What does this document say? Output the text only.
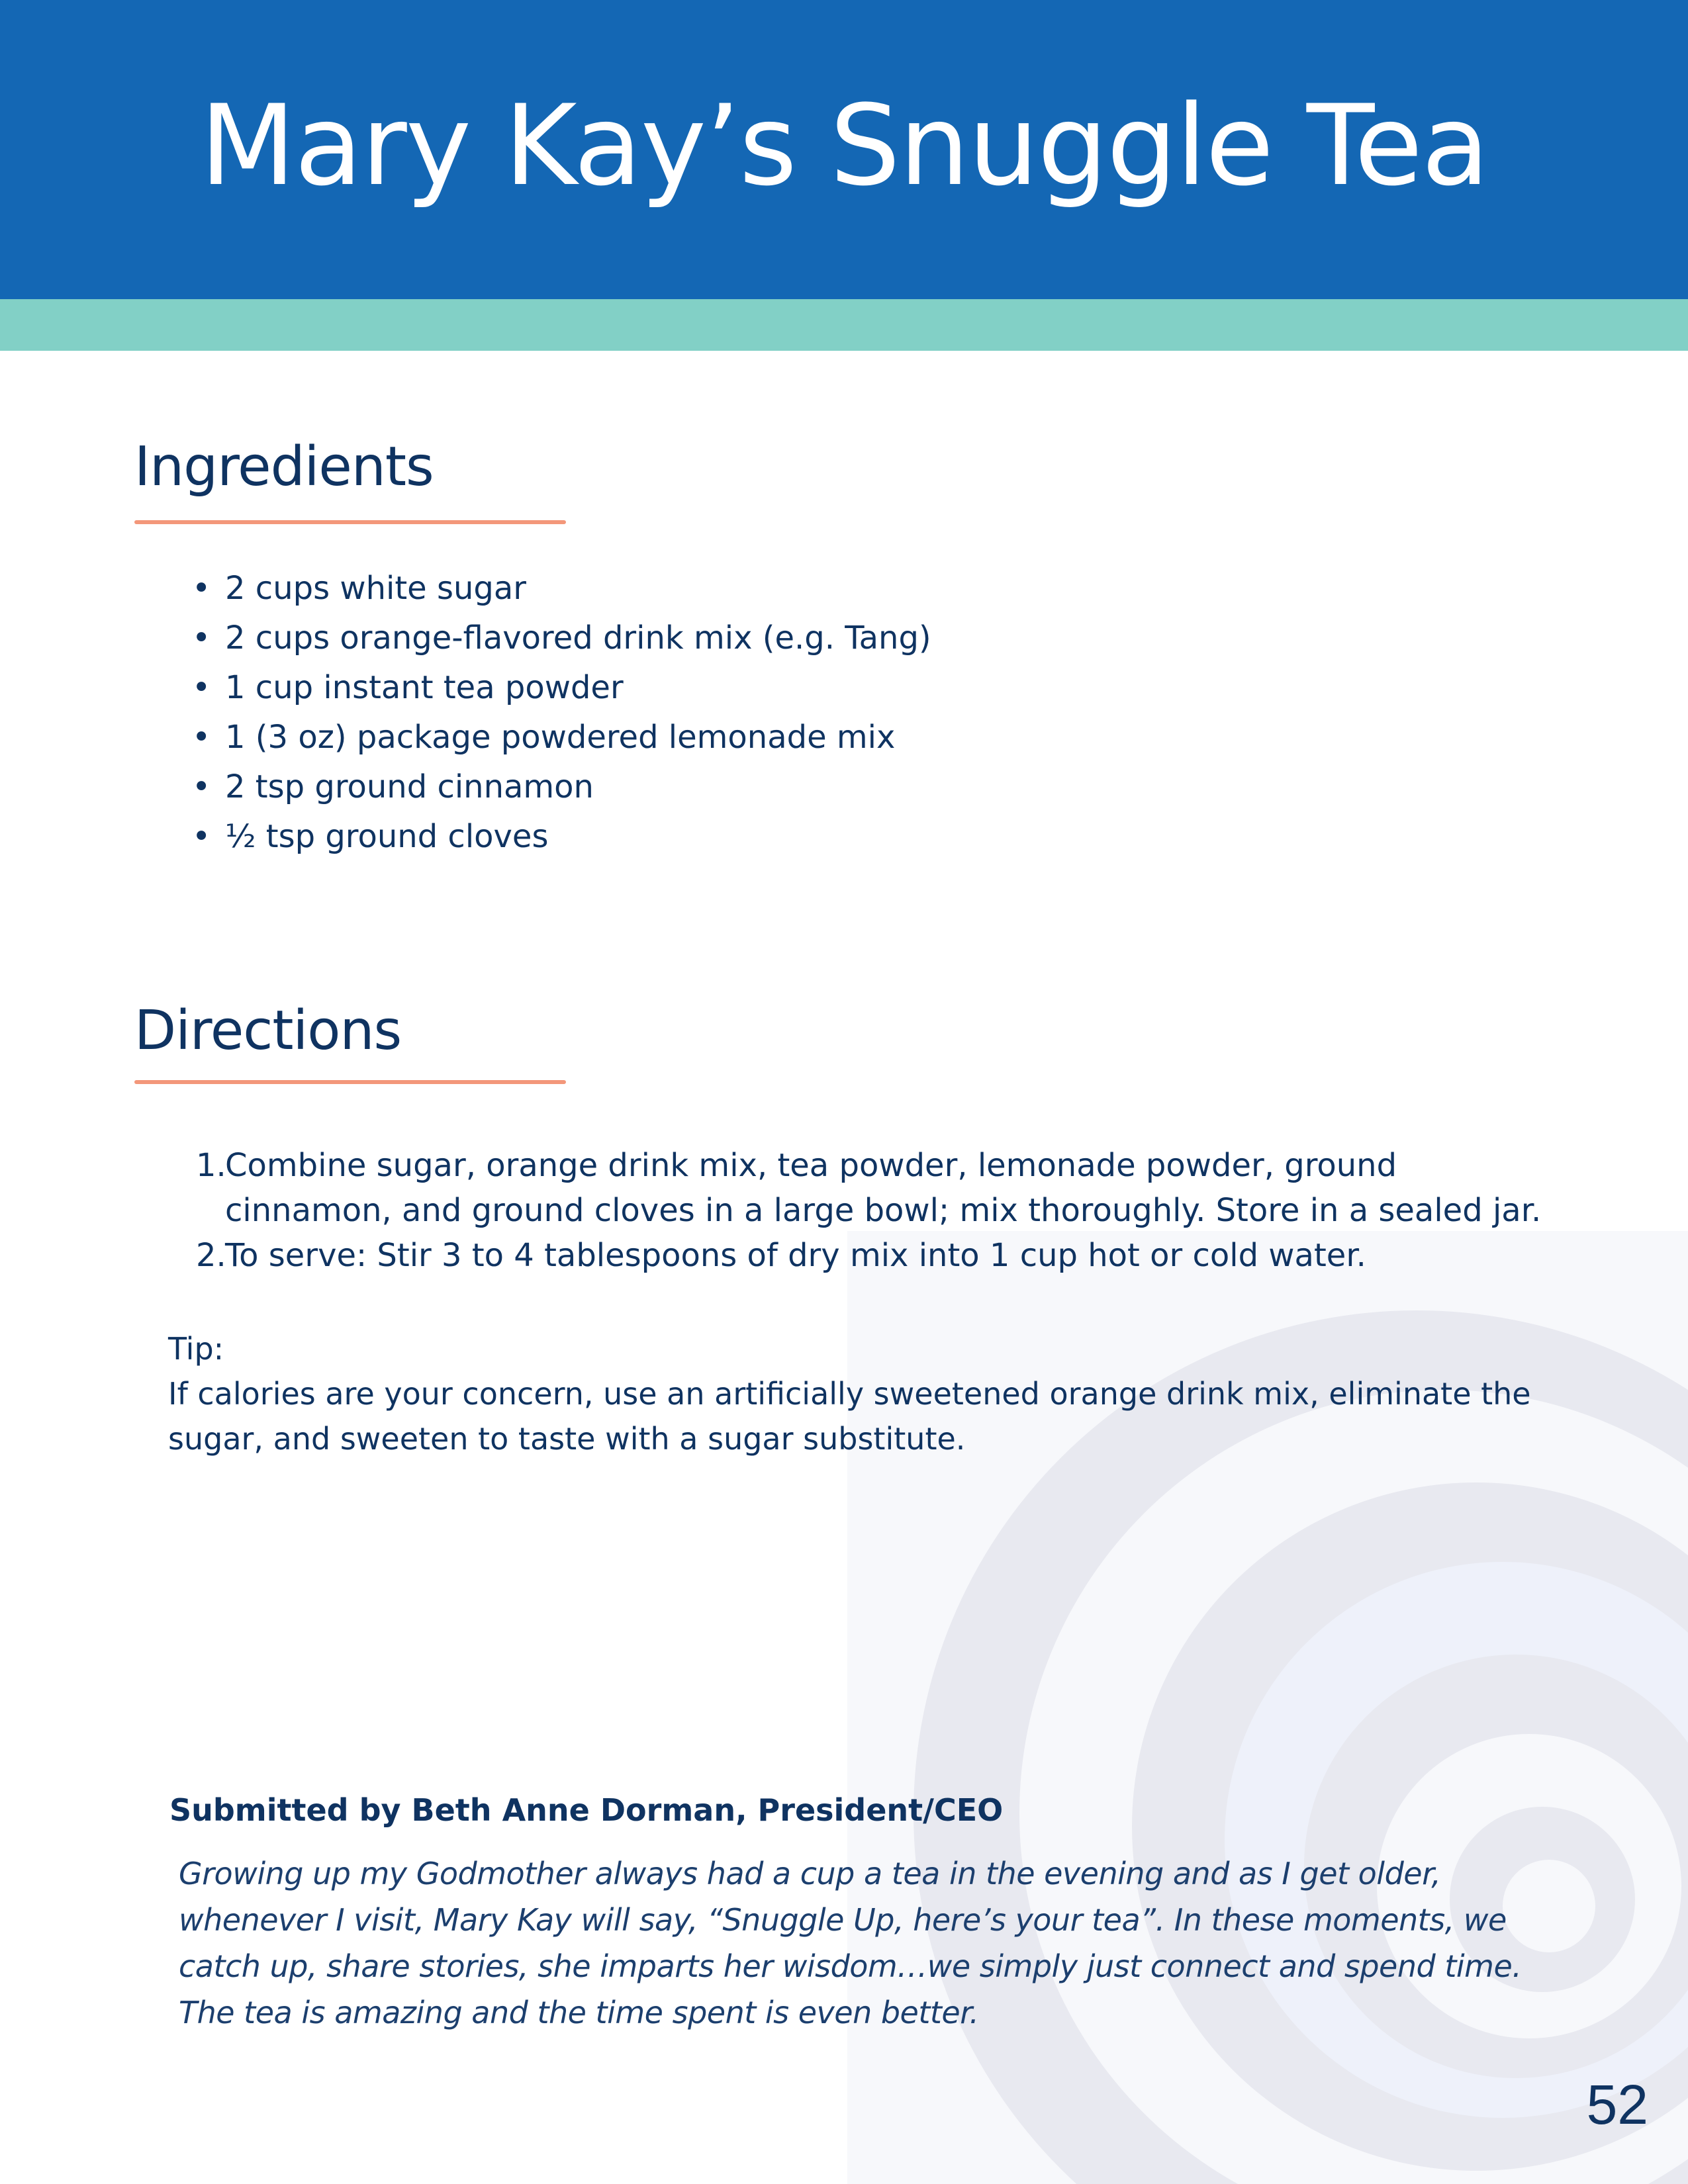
Mary Kay’s Snuggle Tea
Ingredients
• 2 cups white sugar
• 2 cups orange-flavored drink mix (e.g. Tang)
• 1 cup instant tea powder
• 1 (3 oz) package powdered lemonade mix
• 2 tsp ground cinnamon
• ½ tsp ground cloves
Directions
1.
Combine sugar, orange drink mix, tea powder, lemonade powder, ground cinnamon, and ground cloves in a large bowl; mix thoroughly. Store in a sealed jar.
2.
To serve: Stir 3 to 4 tablespoons of dry mix into 1 cup hot or cold water.
Tip:
If calories are your concern, use an artificially sweetened orange drink mix, eliminate the sugar, and sweeten to taste with a sugar substitute.
Submitted by Beth Anne Dorman, President/CEO
Growing up my Godmother always had a cup a tea in the evening and as I get older, whenever I visit, Mary Kay will say, “Snuggle Up, here’s your tea”. In these moments, we catch up, share stories, she imparts her wisdom…we simply just connect and spend time. The tea is amazing and the time spent is even better.
52
